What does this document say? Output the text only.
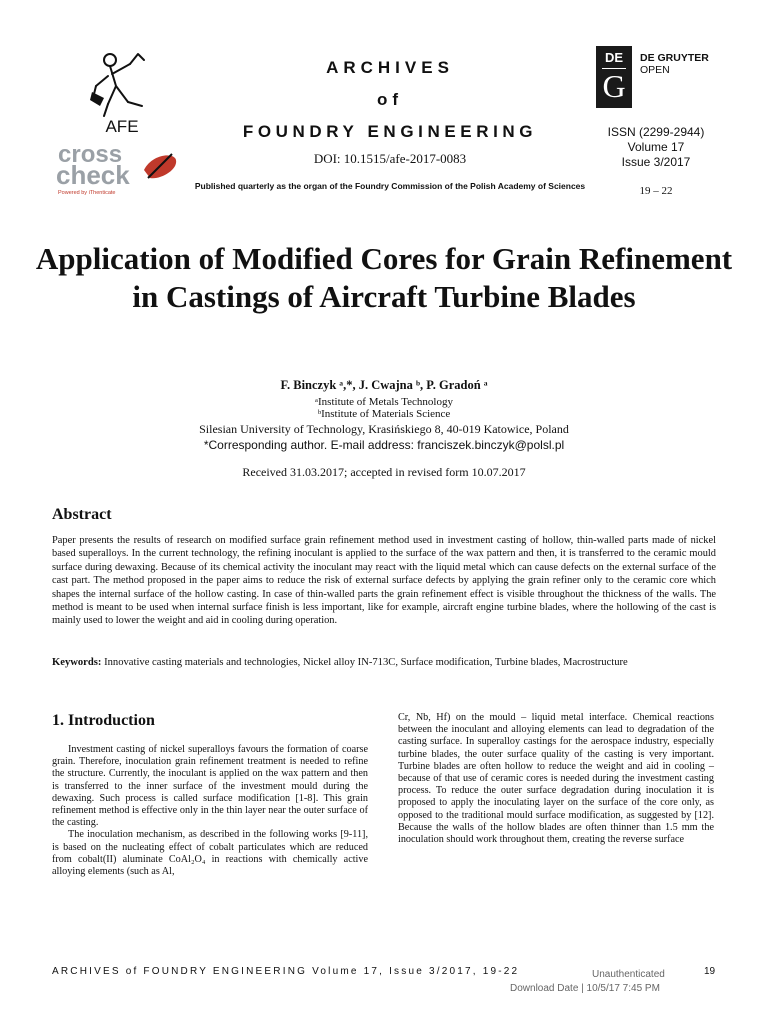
AFE
cross
check
Powered by iThenticate
ARCHIVES
of
FOUNDRY ENGINEERING
DOI: 10.1515/afe-2017-0083
Published quarterly as the organ of the Foundry Commission of the Polish Academy of Sciences
DE
G
DE GRUYTER
OPEN
ISSN (2299-2944)
Volume 17
Issue 3/2017
19 – 22
Application of Modified Cores for Grain Refinement in Castings of Aircraft Turbine Blades
F. Binczyk ᵃ,*, J. Cwajna ᵇ, P. Gradoń ᵃ
ᵃInstitute of Metals Technology
ᵇInstitute of Materials Science
Silesian University of Technology, Krasińskiego 8, 40-019 Katowice, Poland
*Corresponding author. E-mail address: franciszek.binczyk@polsl.pl
Received 31.03.2017; accepted in revised form 10.07.2017
Abstract
Paper presents the results of research on modified surface grain refinement method used in investment casting of hollow, thin-walled parts made of nickel based superalloys. In the current technology, the refining inoculant is applied to the surface of the wax pattern and then, it is transferred to the ceramic mould surface during dewaxing. Because of its chemical activity the inoculant may react with the liquid metal which can cause defects on the external surface of the cast part. The method proposed in the paper aims to reduce the risk of external surface defects by applying the grain refiner only to the ceramic core which shapes the internal surface of the hollow casting. In case of thin-walled parts the grain refinement effect is visible throughout the thickness of the walls. The method is meant to be used when internal surface finish is less important, like for example, aircraft engine turbine blades, where the hollowing of the cast is mainly used to lower the weight and aid in cooling during operation.
Keywords: Innovative casting materials and technologies, Nickel alloy IN-713C, Surface modification, Turbine blades, Macrostructure
1. Introduction

Investment casting of nickel superalloys favours the formation of coarse grain. Therefore, inoculation grain refinement treatment is needed to refine the structure. Currently, the inoculant is applied on the wax pattern and then is transferred to the inner surface of the investment mould during the dewaxing. Such process is called surface modification [1-8]. This grain refinement method is effective only in the thin layer near the outer surface of the casting.

The inoculation mechanism, as described in the following works [9-11], is based on the nucleating effect of cobalt particulates which are reduced from cobalt(II) aluminate CoAl₂O₄ in reactions with chemically active alloying elements (such as Al,

Cr, Nb, Hf) on the mould – liquid metal interface. Chemical reactions between the inoculant and alloying elements can lead to degradation of the casting surface. In superalloy castings for the aerospace industry, especially turbine blades, the outer surface quality of the casting is very important. Turbine blades are often hollow to reduce the weight and aid in cooling – because of that use of ceramic cores is needed during the investment casting process. To reduce the outer surface degradation during inoculation it is proposed to apply the inoculating layer on the surface of the core only, as opposed to the traditional mould surface modification, as suggested by [12]. Because the walls of the hollow blades are often thinner than 1.5 mm the inoculation should work throughout them, creating the reverse surface

ARCHIVES of FOUNDRY ENGINEERING Volume 17, Issue 3/2017, 19-22	Unauthenticated	19
Download Date | 10/5/17 7:45 PM
